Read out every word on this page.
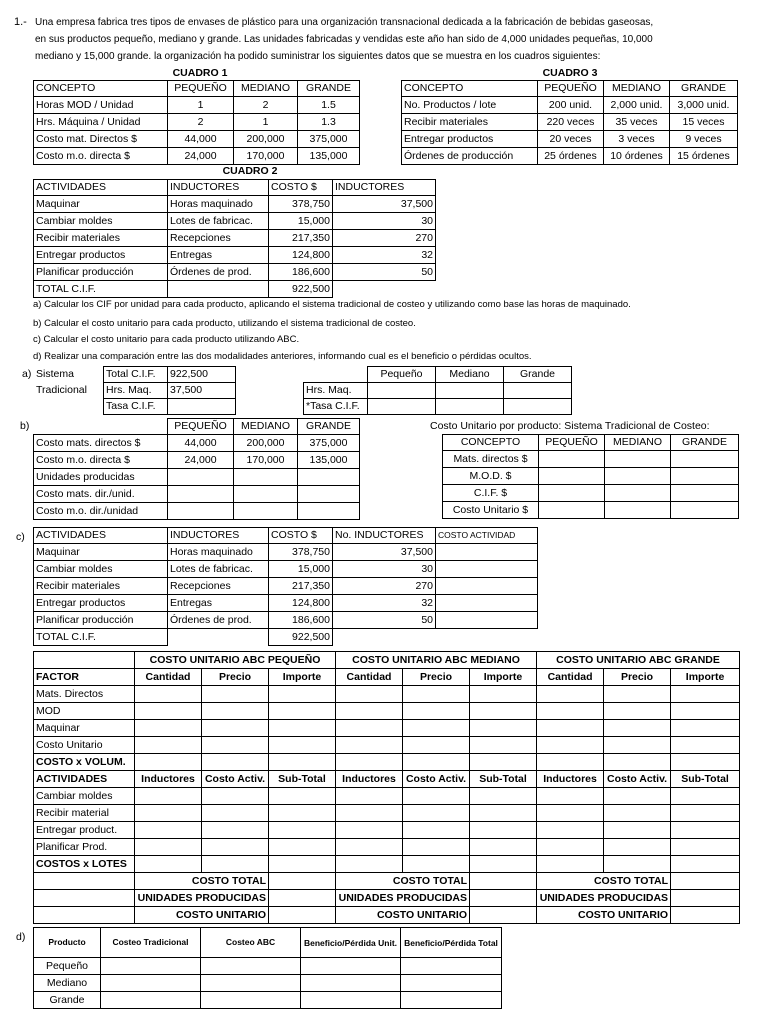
1.- Una empresa fabrica tres tipos de envases de plástico para una organización transnacional dedicada a la fabricación de bebidas gaseosas,
en sus productos pequeño, mediano y grande. Las unidades fabricadas y vendidas este año han sido de 4,000 unidades pequeñas, 10,000
mediano y 15,000 grande. la organización ha podido suministrar los siguientes datos que se muestra en los cuadros siguientes:
CUADRO 1
CONCEPTO	PEQUEÑO	MEDIANO	GRANDE
Horas MOD / Unidad	1	2	1.5
Hrs. Máquina / Unidad	2	1	1.3
Costo mat. Directos $	44,000	200,000	375,000
Costo m.o. directa $	24,000	170,000	135,000
CUADRO 3
CONCEPTO	PEQUEÑO	MEDIANO	GRANDE
No. Productos / lote	200 unid.	2,000 unid.	3,000 unid.
Recibir materiales	220 veces	35 veces	15 veces
Entregar productos	20 veces	3 veces	9 veces
Órdenes de producción	25 órdenes	10 órdenes	15 órdenes
CUADRO 2
ACTIVIDADES	INDUCTORES	COSTO $	INDUCTORES
Maquinar	Horas maquinado	378,750	37,500
Cambiar moldes	Lotes de fabricac.	15,000	30
Recibir materiales	Recepciones	217,350	270
Entregar productos	Entregas	124,800	32
Planificar producción	Órdenes de prod.	186,600	50
TOTAL C.I.F.		922,500	
a) Calcular los CIF por unidad para cada producto, aplicando el sistema tradicional de costeo y utilizando como base las horas de maquinado.
b) Calcular el costo unitario para cada producto, utilizando el sistema tradicional de costeo.
c) Calcular el costo unitario para cada producto utilizando ABC.
d) Realizar una comparación entre las dos modalidades anteriores, informando cual es el beneficio o pérdidas ocultos.
a) Sistema
Tradicional
Total C.I.F.	922,500
Hrs. Maq.	37,500
Tasa C.I.F.	
	Pequeño	Mediano	Grande
Hrs. Maq.			
*Tasa C.I.F.			
b)
		PEQUEÑO	MEDIANO	GRANDE
Costo mats. directos $	44,000	200,000	375,000
Costo m.o. directa $	24,000	170,000	135,000
Unidades producidas			
Costo mats. dir./unid.			
Costo m.o. dir./unidad			
Costo Unitario por producto: Sistema Tradicional de Costeo:
CONCEPTO	PEQUEÑO	MEDIANO	GRANDE
Mats. directos $			
M.O.D. $			
C.I.F. $			
Costo Unitario $			
c) ACTIVIDADES	INDUCTORES	COSTO $	No. INDUCTORES	COSTO ACTIVIDAD
Maquinar	Horas maquinado	378,750	37,500	
Cambiar moldes	Lotes de fabricac.	15,000	30	
Recibir materiales	Recepciones	217,350	270	
Entregar productos	Entregas	124,800	32	
Planificar producción	Órdenes de prod.	186,600	50	
TOTAL C.I.F.		922,500		
	COSTO UNITARIO ABC PEQUEÑO			COSTO UNITARIO ABC MEDIANO			COSTO UNITARIO ABC GRANDE		
FACTOR	Cantidad	Precio	Importe	Cantidad	Precio	Importe	Cantidad	Precio	Importe
Mats. Directos									
MOD									
Maquinar									
Costo Unitario									
COSTO x VOLUM.									
ACTIVIDADES	Inductores	Costo Activ.	Sub-Total	Inductores	Costo Activ.	Sub-Total	Inductores	Costo Activ.	Sub-Total
Cambiar moldes									
Recibir material									
Entregar product.									
Planificar Prod.									
COSTOS x LOTES									
	COSTO TOTAL			COSTO TOTAL			COSTO TOTAL		
	UNIDADES PRODUCIDAS			UNIDADES PRODUCIDAS			UNIDADES PRODUCIDAS		
	COSTO UNITARIO			COSTO UNITARIO			COSTO UNITARIO		
d)	Producto	Costeo Tradicional	Costeo ABC	Beneficio/Pérdida Unit.	Beneficio/Pérdida Total
Pequeño				
Mediano				
Grande				
